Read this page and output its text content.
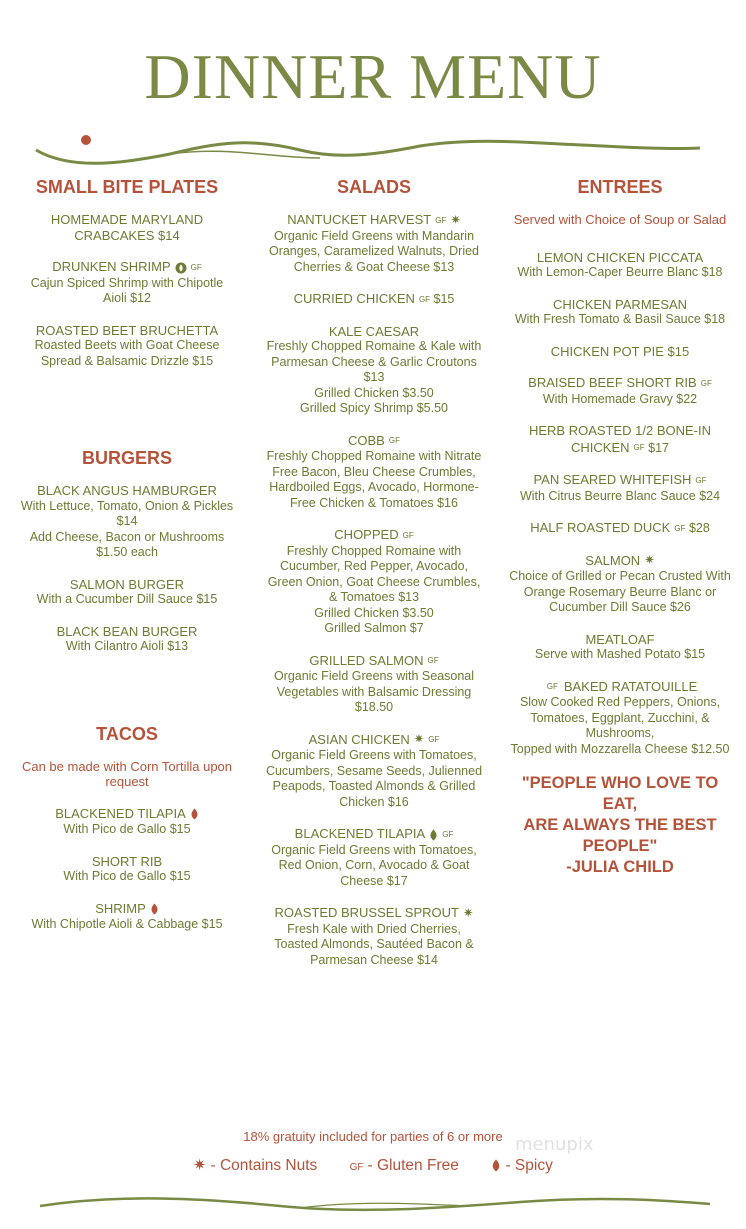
DINNER MENU
SMALL BITE PLATES
HOMEMADE MARYLAND
CRABCAKES $14
DRUNKEN SHRIMP	GF
Cajun Spiced Shrimp with Chipotle Aioli $12
ROASTED BEET BRUCHETTA
Roasted Beets with Goat Cheese Spread & Balsamic Drizzle $15
BURGERS
BLACK ANGUS HAMBURGER
With Lettuce, Tomato, Onion & Pickles $14
Add Cheese, Bacon or Mushrooms $1.50 each
SALMON BURGER
With a Cucumber Dill Sauce $15
BLACK BEAN BURGER
With Cilantro Aioli $13
TACOS
Can be made with Corn Tortilla upon request
BLACKENED TILAPIA
With Pico de Gallo $15
SHORT RIB
With Pico de Gallo $15
SHRIMP
With Chipotle Aioli & Cabbage $15
SALADS
NANTUCKET HARVEST GF ✷
Organic Field Greens with Mandarin Oranges, Caramelized Walnuts, Dried Cherries & Goat Cheese $13
CURRIED CHICKEN GF $15
KALE CAESAR
Freshly Chopped Romaine & Kale with Parmesan Cheese & Garlic Croutons $13
Grilled Chicken $3.50
Grilled Spicy Shrimp $5.50
COBB GF
Freshly Chopped Romaine with Nitrate Free Bacon, Bleu Cheese Crumbles, Hardboiled Eggs, Avocado, Hormone-Free Chicken & Tomatoes $16
CHOPPED GF
Freshly Chopped Romaine with Cucumber, Red Pepper, Avocado, Green Onion, Goat Cheese Crumbles, & Tomatoes $13
Grilled Chicken $3.50
Grilled Salmon $7
GRILLED SALMON GF
Organic Field Greens with Seasonal Vegetables with Balsamic Dressing $18.50
ASIAN CHICKEN ✷ GF
Organic Field Greens with Tomatoes, Cucumbers, Sesame Seeds, Julienned Peapods, Toasted Almonds & Grilled Chicken $16
BLACKENED TILAPIA GF
Organic Field Greens with Tomatoes, Red Onion, Corn, Avocado & Goat Cheese $17
ROASTED BRUSSEL SPROUT ✷
Fresh Kale with Dried Cherries, Toasted Almonds, Sautéed Bacon & Parmesan Cheese $14
ENTREES
Served with Choice of Soup or Salad
LEMON CHICKEN PICCATA
With Lemon-Caper Beurre Blanc $18
CHICKEN PARMESAN
With Fresh Tomato & Basil Sauce $18
CHICKEN POT PIE $15
BRAISED BEEF SHORT RIB GF
With Homemade Gravy $22
HERB ROASTED 1/2 BONE-IN CHICKEN GF $17
PAN SEARED WHITEFISH GF
With Citrus Beurre Blanc Sauce $24
HALF ROASTED DUCK GF $28
SALMON ✷
Choice of Grilled or Pecan Crusted With Orange Rosemary Beurre Blanc or Cucumber Dill Sauce $26
MEATLOAF
Serve with Mashed Potato $15
GF BAKED RATATOUILLE
Slow Cooked Red Peppers, Onions, Tomatoes, Eggplant, Zucchini, & Mushrooms,
Topped with Mozzarella Cheese $12.50
"PEOPLE WHO LOVE TO EAT,
ARE ALWAYS THE BEST PEOPLE"
-JULIA CHILD
menupix
18% gratuity included for parties of 6 or more
✷ - Contains Nuts	GF - Gluten Free	- Spicy
